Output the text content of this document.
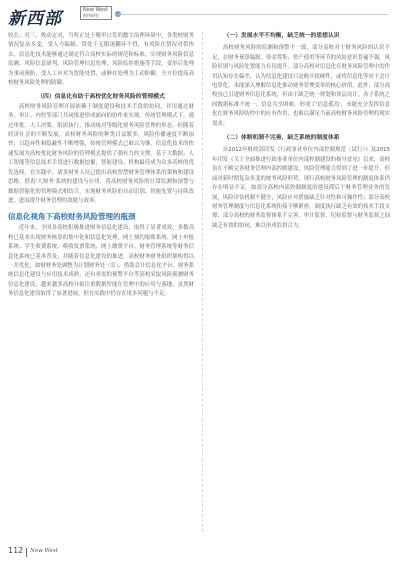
新西部	New West
财经研究

较长；其三，败动定对，当所正处于哪里口发的数字治理环境中，各类校财务情况复杂多变，受人力编制、常处于无限迷糊环不得，有风险在情况对供快去。信息化技术能够通过制定符合高校实际的规范和标准，实现财务风险信息监测，风险信息研判，风险管理信息处理，风险监控措施等手段，变举后处理为事前预防，变人工应对为智能处置，或够在处理为主动防御，全方位提高高校财务风险处理的防御。

（四）信息化有助于高校优化财务风险的管理模式

高校财务风险管理开展依赖于制度建设和技术手段的协同，并用通过财务、审计、内控等部门共同推进形成面向的协作来实现。传统管理模式下，通过审批、人工决策、纸质执行，推动统对等级化财务风险管理的形态，但随着经济社会的不断发展，高校财务风险的种类日益繁多，风险传播速度不断加快，日趋环性和隐蔽性不断增强，传统管理模式已难以为继。信息化技术的快速发展为高校优化财务风险的管理模式提供了强有力的支撑。基于大数据、人工智能等信息技术手段进行数据挖掘、智能建设、机构最佳成为众多高校的优先选择。在实践中，诸多财务人员已提出高校智慧财务管理体系的架构和建设思路，借着'大财务'系统的建设与应用，将高校财务风险的日常监测和预警与数据智能化的管理模式相结合，实现财务风险的自动识别、智能处置与持续改进，进而提升财务管理的效能与效率。

信息化视角下高校财务风险管理的瓶颈

近年来，全国各高校积极推进财务信息化建设，取得了显著成效。多数高校已基本实现财务核算的集中化和信息化处理，网上预约报账系统、网上申报系统、学生收费系统、税收发票系统、网上缴费平台、财务管理系统等财务信息化系统已基本普及，并随着信息化建设的推进，高校财务财务组织架构得以一并优化，如财财务处调整为计划财务处（室）、借助会计信息化平台，财务系统信息化建设与应用技术成熟、还有率需的预警平台等高校采取风险预测财务信息化建设，越来越多高校开始注重数据智能在管理中的应用与落地。虽然财务信息化建设取得了显著进展，但在实践中仍存在诸多问题与不足。

（一）发展水平不均衡，缺乏统一的思想认识

高校财务风险的监测和预警不一致，部分高校对于财务风险的认识不足，在财务预算编制、资金筹集、资产使用等环节的风险意识普遍不强，风险识别与风险处置能力有待提升。部分高校对信息化在财务风险管理中的作用认知存在偏差，认为信息化建设只是购买软硬件，或将信息化等同于会计电算化，未能深入理解信息化推动财务管理变革的核心价值。此外，部分高校虽已引进财务信息化系统，但由于缺乏统一规划和顶层设计，各子系统之间数据标准不统一、信息共享困难，形成了'信息孤岛'，未能充分发挥信息化在财务风险防控中的应有作用，也难以满足当前高校财务风险管理的现实需求。

（二）体制机制不完善，缺乏系统的制度体系

自2012年财政部印发《行政事业单位内部控制规范（试行）》及2015年印发《关于全面推进行政事业单位内部控制建设的指导意见》以来，高校虽在不断完善财务管理内部控制建设，风险管理能力得到了进一步提升，但面对新时期复杂多变的财务风险形势，现行高校财务风险管理的制度体系仍存在明显不足。如部分高校内部控制制度的建设滞后于财务管理业务的发展，风险评估机制不健全，风险应对措施缺乏针对性和可操作性；部分高校财务管理制度与信息化系统衔接不够紧密，制度执行缺乏有效的技术手段支撑；部分高校的财务监督体系不完善，审计监督、纪检监督与财务监督之间缺乏有效的协同，难以形成监督合力。

112 New West
